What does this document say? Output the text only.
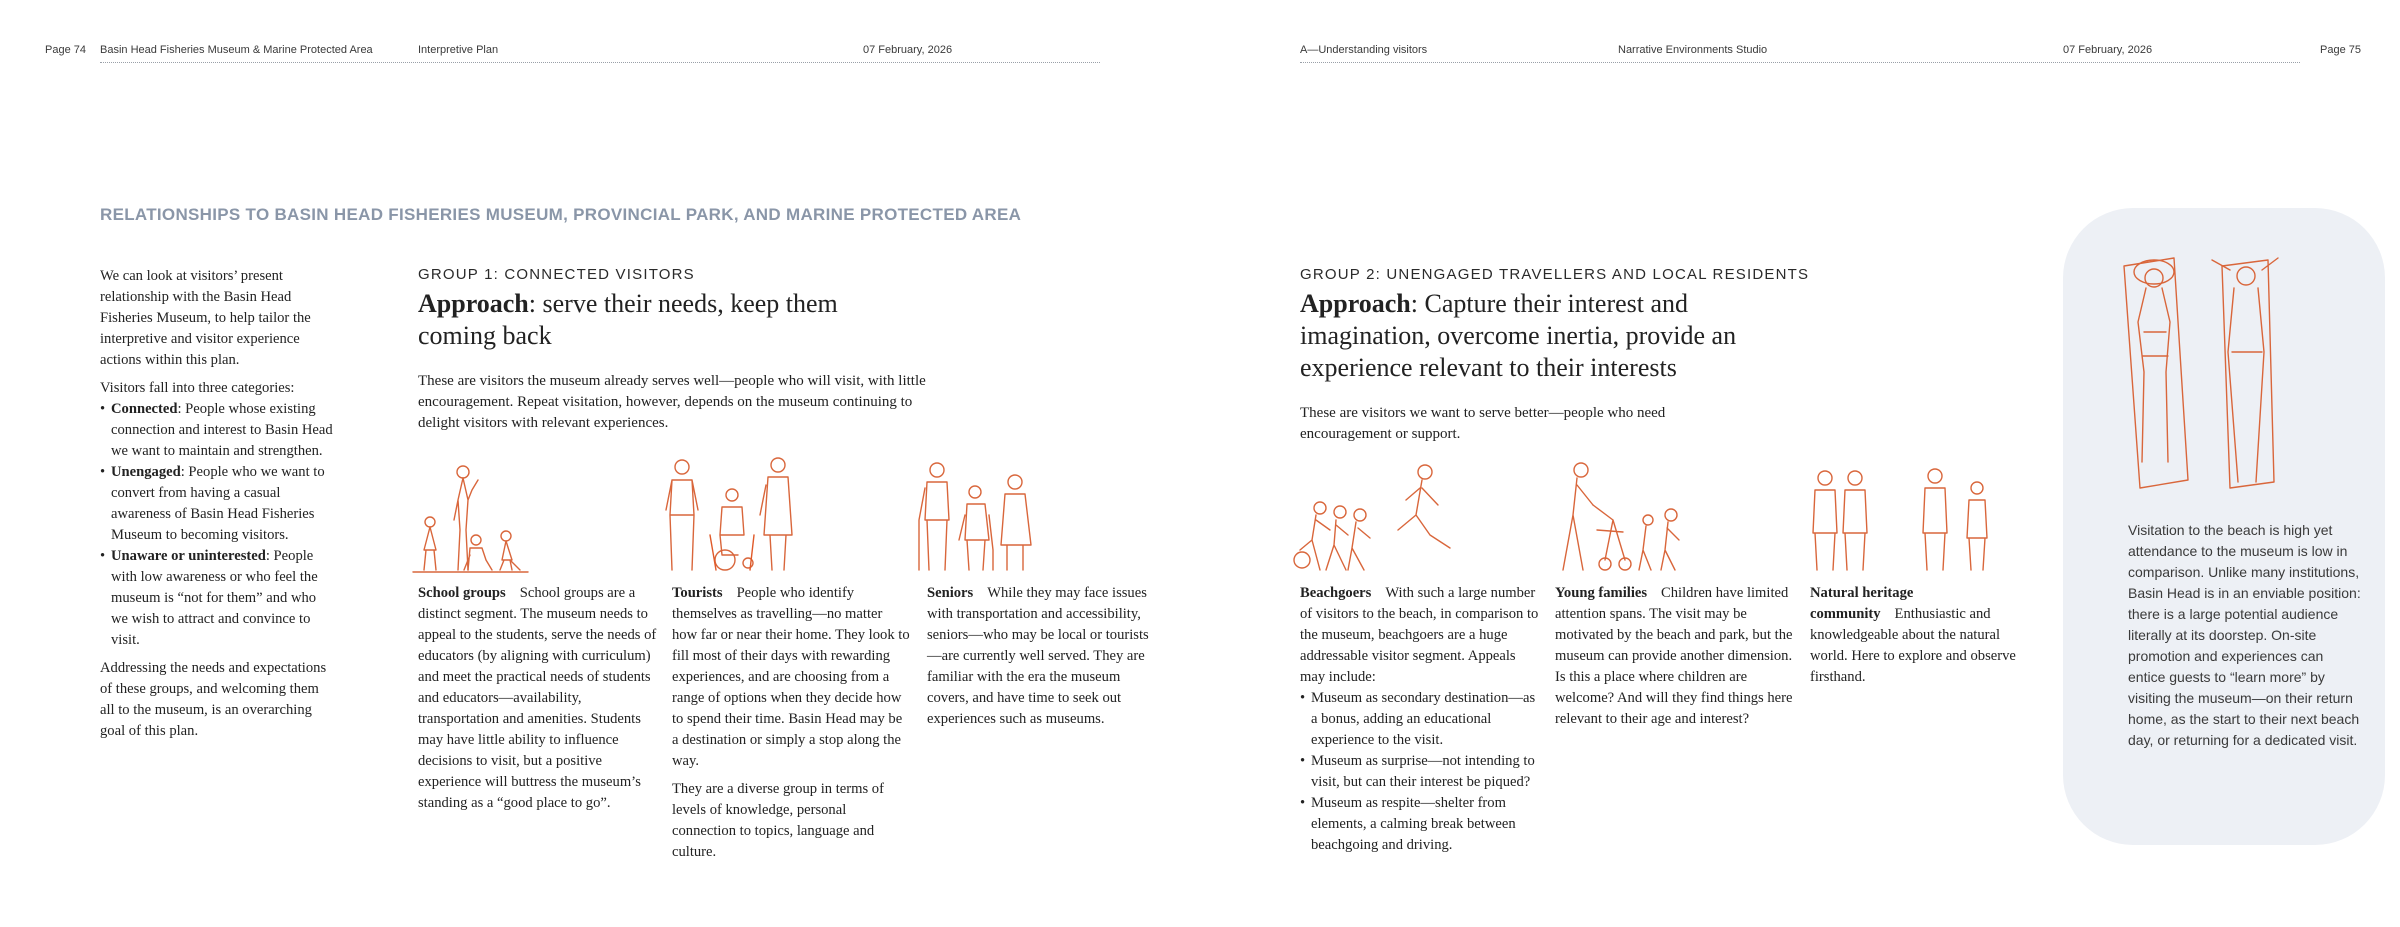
Page 74 Basin Head Fisheries Museum & Marine Protected Area	Interpretive Plan	07 February, 2026	A—Understanding visitors	Narrative Environments Studio	07 February, 2026	Page 75
RELATIONSHIPS TO BASIN HEAD FISHERIES MUSEUM, PROVINCIAL PARK, AND MARINE PROTECTED AREA

We can look at visitors’ present relationship with the Basin Head Fisheries Museum, to help tailor the interpretive and visitor experience actions within this plan.

Visitors fall into three categories:
• Connected: People whose existing connection and interest to Basin Head we want to maintain and strengthen.
• Unengaged: People who we want to convert from having a casual awareness of Basin Head Fisheries Museum to becoming visitors.
• Unaware or uninterested: People with low awareness or who feel the museum is “not for them” and who we wish to attract and convince to visit.

Addressing the needs and expectations of these groups, and welcoming them all to the museum, is an overarching goal of this plan.

GROUP 1: CONNECTED VISITORS
Approach: serve their needs, keep them coming back
These are visitors the museum already serves well—people who will visit, with little encouragement. Repeat visitation, however, depends on the museum continuing to delight visitors with relevant experiences.
School groups School groups are a distinct segment. The museum needs to appeal to the students, serve the needs of educators (by aligning with curriculum) and meet the practical needs of students and educators—availability, transportation and amenities. Students may have little ability to influence decisions to visit, but a positive experience will buttress the museum’s standing as a “good place to go”.

Tourists People who identify themselves as travelling—no matter how far or near their home. They look to fill most of their days with rewarding experiences, and are choosing from a range of options when they decide how to spend their time. Basin Head may be a destination or simply a stop along the way.

They are a diverse group in terms of levels of knowledge, personal connection to topics, language and culture.

Seniors While they may face issues with transportation and accessibility, seniors—who may be local or tourists—are currently well served. They are familiar with the era the museum covers, and have time to seek out experiences such as museums.
GROUP 2: UNENGAGED TRAVELLERS AND LOCAL RESIDENTS
Approach: Capture their interest and imagination, overcome inertia, provide an experience relevant to their interests
These are visitors we want to serve better—people who need encouragement or support.
Beachgoers With such a large number of visitors to the beach, in comparison to the museum, beachgoers are a huge addressable visitor segment. Appeals may include:
• Museum as secondary destination—as a bonus, adding an educational experience to the visit.
• Museum as surprise—not intending to visit, but can their interest be piqued?
• Museum as respite—shelter from elements, a calming break between beachgoing and driving.
Young families Children have limited attention spans. The visit may be motivated by the beach and park, but the museum can provide another dimension. Is this a place where children are welcome? And will they find things here relevant to their age and interest?
Natural heritage community Enthusiastic and knowledgeable about the natural world. Here to explore and observe firsthand.
Visitation to the beach is high yet attendance to the museum is low in comparison. Unlike many institutions, Basin Head is in an enviable position: there is a large potential audience literally at its doorstep. On-site promotion and experiences can entice guests to “learn more” by visiting the museum—on their return home, as the start to their next beach day, or returning for a dedicated visit.
